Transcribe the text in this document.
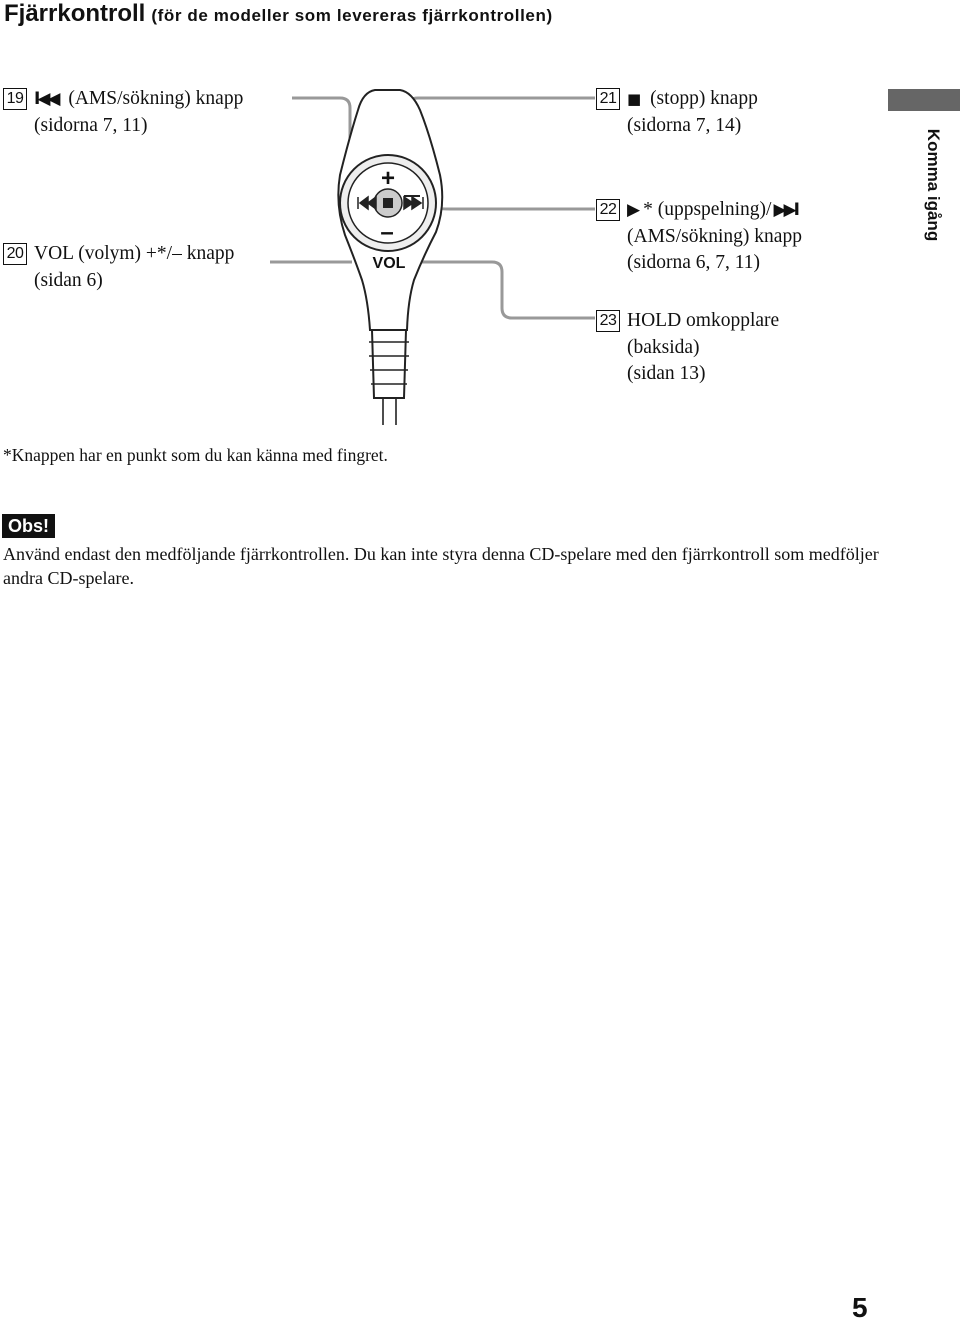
Fjärrkontroll (för de modeller som levereras fjärrkontrollen)
Komma igång
+
–
VOL
19 I◀◀ (AMS/sökning) knapp
(sidorna 7, 11)
20 VOL (volym) +*/– knapp
(sidan 6)
21 ■ (stopp) knapp
(sidorna 7, 14)
22 ▶ * (uppspelning)/ ▶▶I
(AMS/sökning) knapp
(sidorna 6, 7, 11)
23 HOLD omkopplare
(baksida)
(sidan 13)
*Knappen har en punkt som du kan känna med fingret.
Obs!
Använd endast den medföljande fjärrkontrollen. Du kan inte styra denna CD-spelare med den fjärrkontroll som medföljer andra CD-spelare.
5
